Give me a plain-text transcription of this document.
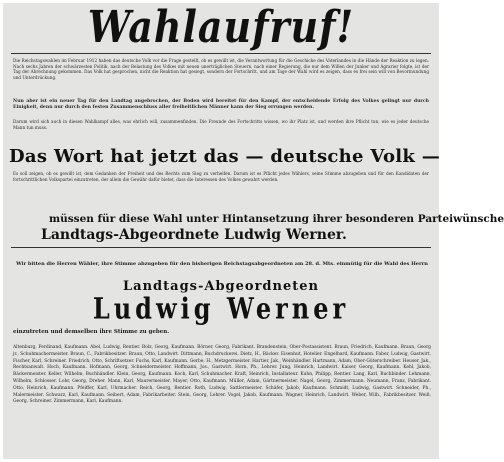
Wahlaufruf!
Die Reichstagswahlen im Februar 1912 haben das deutsche Volk vor die Frage gestellt, ob es gewillt ist, die Verantwortung für die Geschicke des Vaterlandes in die Hände der Reaktion zu legen. Nach sechs Jahren der schwärzesten Politik, nach der Belastung des Volkes mit neuen unerträglichen Steuern, nach einer Regierung, die nur dem Willen der Junker und Agrarier folgte, ist der Tag der Abrechnung gekommen. Das Volk hat gesprochen, nicht die Reaktion hat gesiegt, sondern der Fortschritt, und am Tage der Wahl wird es zeigen, dass es frei sein will von Bevormundung und Unterdrückung.
Nun aber ist ein neuer Tag für den Landtag angebrochen, der Boden wird bereitet für den Kampf, der entscheidende Erfolg des Volkes gelingt nur durch Einigkeit, denn nur durch den festen Zusammenschluss aller freiheitlichen Männer kann der Sieg errungen werden.
Darum wird sich auch in diesen Wahlkampf alles, was ehrlich will, zusammenfinden. Die Freunde des Fortschritts wissen, wo ihr Platz ist, und werden ihre Pflicht tun, wie es jeder deutsche Mann tun muss.
Das Wort hat jetzt das — deutsche Volk —
Es soll zeigen, ob es gewillt ist, dem Gedanken der Freiheit und des Rechts zum Sieg zu verhelfen. Darum ist es Pflicht jedes Wählers, seine Stimme abzugeben und für den Kandidaten der fortschrittlichen Volkspartei einzutreten, der allein die Gewähr dafür bietet, dass die Interessen des Volkes gewahrt werden.
müssen für diese Wahl unter Hintansetzung ihrer besonderen Parteiwünsche
Landtags-Abgeordnete Ludwig Werner.
Wir bitten die Herren Wähler, ihre Stimme abzugeben für den bisherigen Reichstagsabgeordneten am 28. d. Mts. einmütig für die Wahl des Herrn
Landtags-Abgeordneten
Ludwig Werner
einzutreten und demselben ihre Stimme zu geben.
Altenburg, Ferdinand, Kaufmann. Abel, Ludwig, Rentier. Bolz, Georg, Kaufmann. Börner, Georg, Fabrikant. Brandenstein, Ober-Postassistent. Braun, Friedrich, Kaufmann. Braun, Georg jr., Schuhmachermeister. Braun, C., Fabrikbesitzer. Braun, Otto, Landwirt. Dittmann, Buchdruckerei. Dietz, H., Bäcker. Eisenhut, Hotelier. Engelhard, Kaufmann. Faber, Ludwig, Gastwirt. Fischer, Karl, Schreiner. Friedrich, Otto, Schriftsetzer. Fuchs, Karl, Kaufmann. Gerbe, H., Metzgermeister. Hartier, Jak., Weinhändler. Hartmann, Adam, Ober-Güterschreiber. Heuser, Jak., Rechtsanwalt. Hoch, Kaufmann. Hofmann, Georg, Schneidermeister. Hoffmann, Jos., Gastwirt. Horn, Ph., Lehrer. Jung, Heinrich, Landwirt. Kaiser, Georg, Kaufmann. Kehl, Jakob, Bäckermeister. Keller, Wilhelm, Buchhändler. Klein, Georg, Kaufmann. Koch, Karl, Schuhmacher. Kraft, Heinrich, Installateur. Kuhn, Philipp, Rentier. Lang, Karl, Buchbinder. Lehmann, Wilhelm, Schlosser. Lohr, Georg, Dreher. Mann, Karl, Maurermeister. Mayer, Otto, Kaufmann. Müller, Adam, Gärtnermeister. Nagel, Georg, Zimmermann. Neumann, Franz, Fabrikant. Otto, Heinrich, Kaufmann. Pfeiffer, Karl, Uhrmacher. Reich, Georg, Rentier. Roth, Ludwig, Sattlermeister. Schäfer, Jakob, Kaufmann. Schmidt, Ludwig, Gastwirt. Schneider, Ph., Malermeister. Schwarz, Karl, Kaufmann. Seibert, Adam, Fabrikarbeiter. Stein, Georg, Lehrer. Vogel, Jakob, Kaufmann. Wagner, Heinrich, Landwirt. Weber, Wilh., Fabrikbesitzer. Weiß, Georg, Schreiner. Zimmermann, Karl, Kaufmann.
